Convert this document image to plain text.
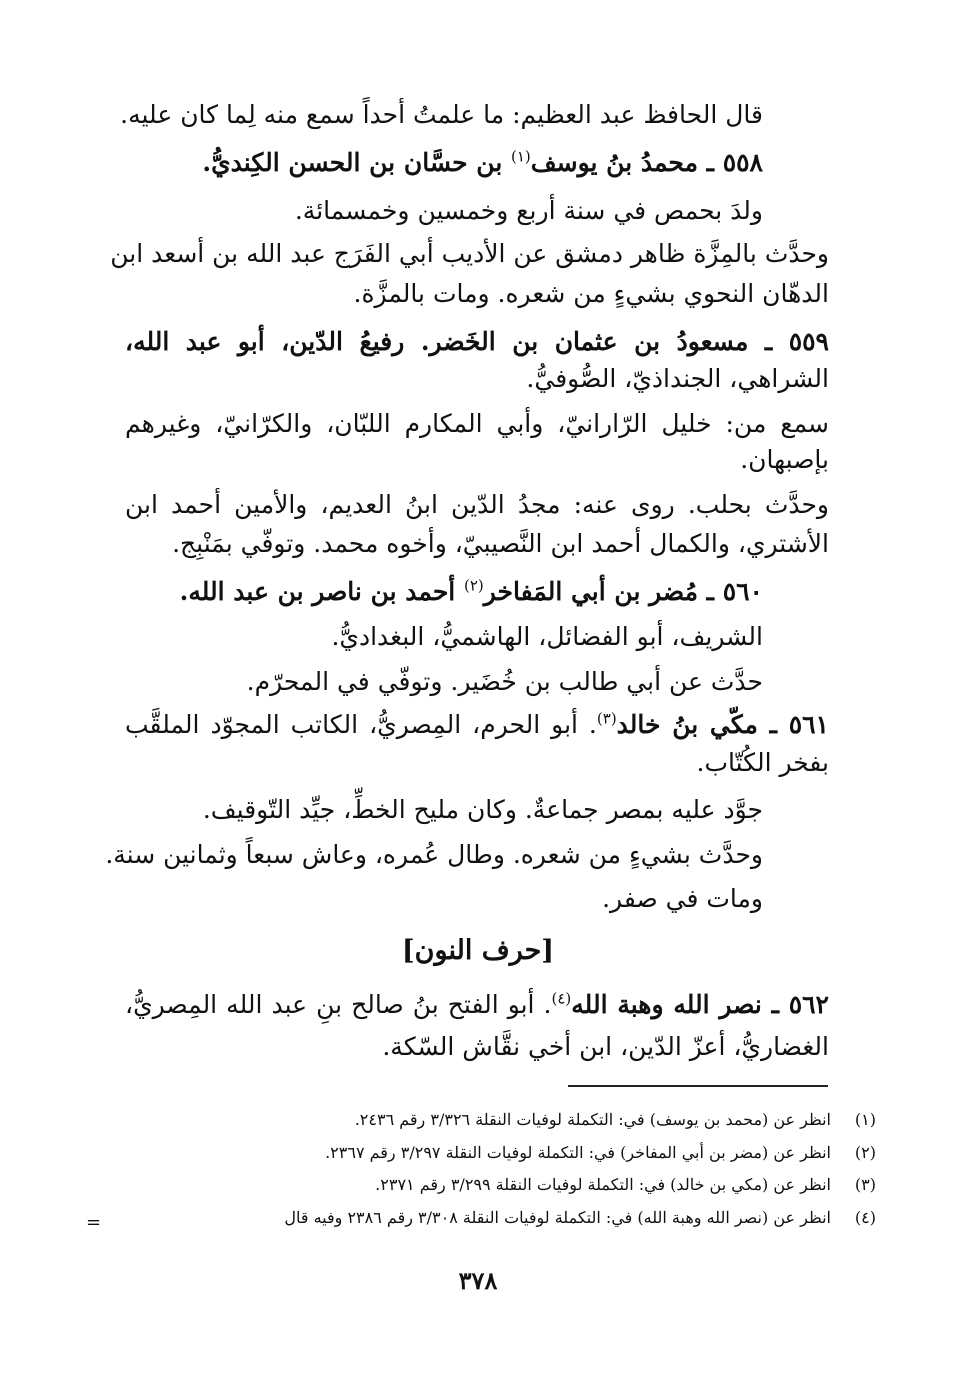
قال الحافظ عبد العظيم: ما علمتُ أحداً سمع منه لِما كان عليه.
٥٥٨ ـ محمدُ بنُ يوسف$^{(١)}$ بن حسَّان بن الحسن الكِنديُّ.
ولدَ بحمص في سنة أربع وخمسين وخمسمائة.
وحدَّث بالمِزَّة ظاهر دمشق عن الأديب أبي الفَرَج عبد الله بن أسعد ابن
الدهّان النحوي بشيءٍ من شعره. ومات بالمزَّة.
٥٥٩ ـ مسعودُ بن عثمان بن الخَضر. رفيعُ الدّين، أبو عبد الله،
الشراهي، الجنداذيّ، الصُّوفيُّ.
سمع من: خليل الرّارانيّ، وأبي المكارم اللبّان، والكرّانيّ، وغيرهم
بإصبهان.
وحدَّث بحلب. روى عنه: مجدُ الدّين ابنُ العديم، والأمين أحمد ابن
الأشتري، والكمال أحمد ابن النَّصيبيّ، وأخوه محمد. وتوفّي بمَنْبِج.
٥٦٠ ـ مُضر بن أبي المَفاخر$^{(٢)}$ أحمد بن ناصر بن عبد الله.
الشريف، أبو الفضائل، الهاشميُّ، البغداديُّ.
حدَّث عن أبي طالب بن خُضَير. وتوفّي في المحرّم.
٥٦١ ـ مكّي بنُ خالد$^{(٣)}$. أبو الحرم، المِصريُّ، الكاتب المجوّد الملقَّب
بفخر الكُتّاب.
جوَّد عليه بمصر جماعةٌ. وكان مليح الخطِّ، جيِّد التّوقيف.
وحدَّث بشيءٍ من شعره. وطال عُمره، وعاش سبعاً وثمانين سنة.
ومات في صفر.
[حرف النون]
٥٦٢ ـ نصر الله وهبة الله$^{(٤)}$. أبو الفتح بنُ صالح بنِ عبد الله المِصريُّ،
الغضاريُّ، أعزّ الدّين، ابن أخي نقَّاش السّكة.
(١)
انظر عن (محمد بن يوسف) في: التكملة لوفيات النقلة ٣/٣٢٦ رقم ٢٤٣٦.
(٢)
انظر عن (مضر بن أبي المفاخر) في: التكملة لوفيات النقلة ٣/٢٩٧ رقم ٢٣٦٧.
(٣)
انظر عن (مكي بن خالد) في: التكملة لوفيات النقلة ٣/٢٩٩ رقم ٢٣٧١.
(٤)
انظر عن (نصر الله وهبة الله) في: التكملة لوفيات النقلة ٣/٣٠٨ رقم ٢٣٨٦ وفيه قال
=
٣٧٨
